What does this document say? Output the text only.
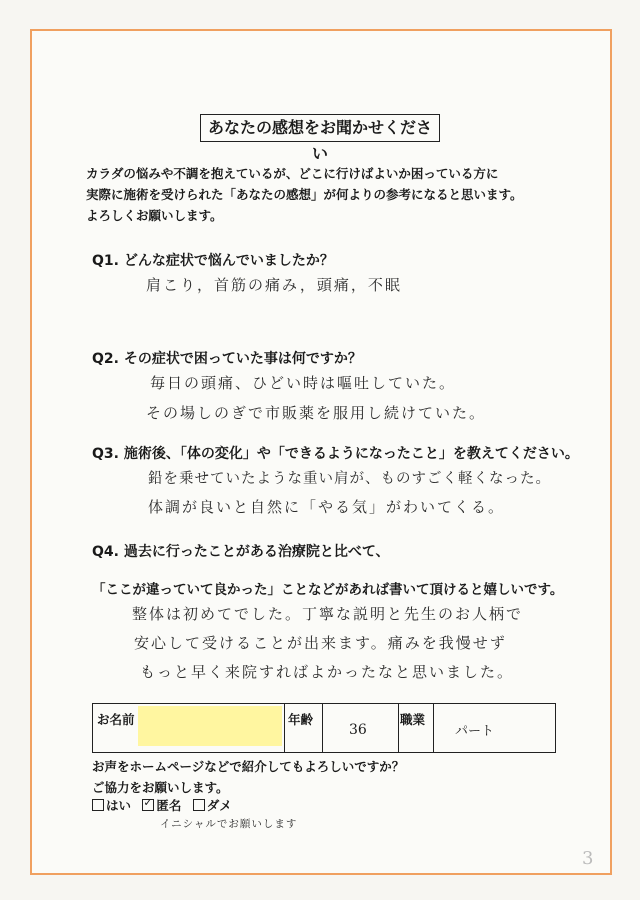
あなたの感想をお聞かせください
カラダの悩みや不調を抱えているが、どこに行けばよいか困っている方に
実際に施術を受けられた「あなたの感想」が何よりの参考になると思います。
よろしくお願いします。
Q1. どんな症状で悩んでいましたか？
肩こり，首筋の痛み，頭痛，不眠
Q2. その症状で困っていた事は何ですか？
毎日の頭痛、ひどい時は嘔吐していた。
その場しのぎで市販薬を服用し続けていた。
Q3. 施術後、「体の変化」や「できるようになったこと」を教えてください。
鉛を乗せていたような重い肩が、ものすごく軽くなった。
体調が良いと自然に「やる気」がわいてくる。
Q4. 過去に行ったことがある治療院と比べて、
「ここが違っていて良かった」ことなどがあれば書いて頂けると嬉しいです。
整体は初めてでした。丁寧な説明と先生のお人柄で
安心して受けることが出来ます。痛みを我慢せず
もっと早く来院すればよかったなと思いました。
お名前	年齢
36
職業
パート
お声をホームページなどで紹介してもよろしいですか？
ご協力をお願いします。
はい ✓ 匿名 ダメ
イニシャルでお願いします
3
